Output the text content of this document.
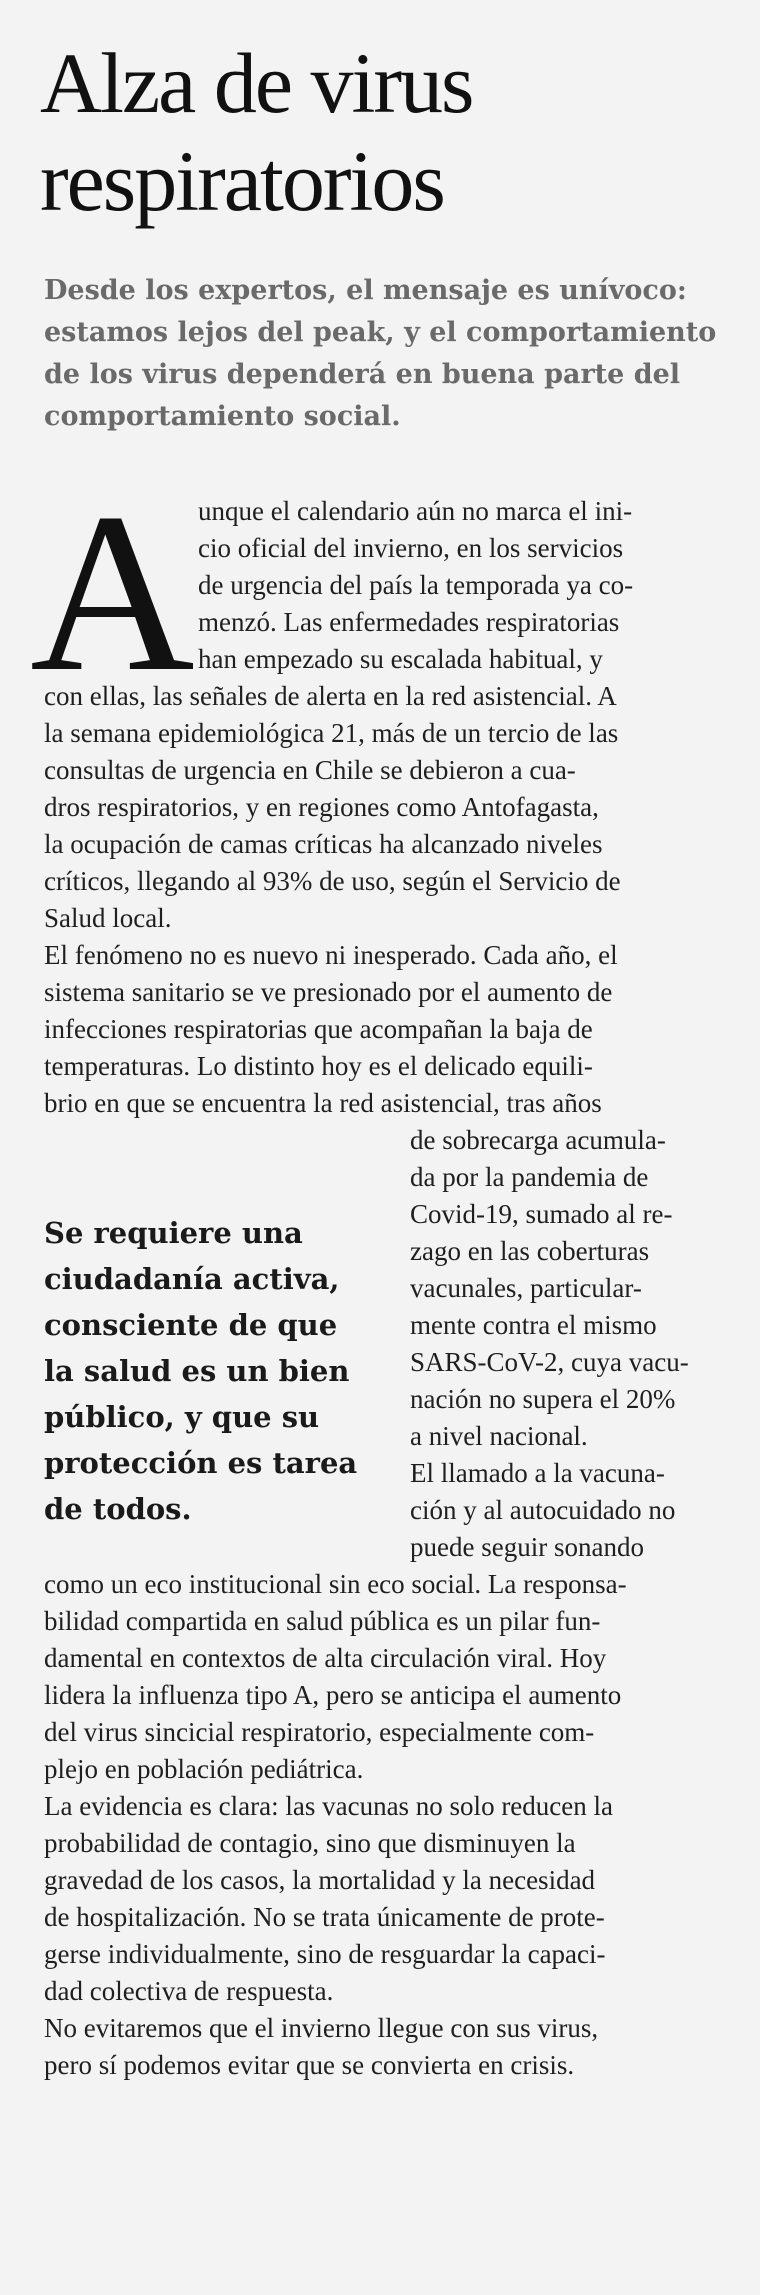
Alza de virus
respiratorios

Desde los expertos, el mensaje es unívoco:
estamos lejos del peak, y el comportamiento
de los virus dependerá en buena parte del
comportamiento social.

A unque el calendario aún no marca el ini-
cio oficial del invierno, en los servicios
de urgencia del país la temporada ya co-
menzó. Las enfermedades respiratorias
han empezado su escalada habitual, y

con ellas, las señales de alerta en la red asistencial. A
la semana epidemiológica 21, más de un tercio de las
consultas de urgencia en Chile se debieron a cua-
dros respiratorios, y en regiones como Antofagasta,
la ocupación de camas críticas ha alcanzado niveles
críticos, llegando al 93% de uso, según el Servicio de
Salud local.

El fenómeno no es nuevo ni inesperado. Cada año, el
sistema sanitario se ve presionado por el aumento de
infecciones respiratorias que acompañan la baja de
temperaturas. Lo distinto hoy es el delicado equili-
brio en que se encuentra la red asistencial, tras años

Se requiere una
ciudadanía activa,
consciente de que
la salud es un bien
público, y que su
protección es tarea
de todos.

de sobrecarga acumula-
da por la pandemia de
Covid-19, sumado al re-
zago en las coberturas
vacunales, particular-
mente contra el mismo
SARS-CoV-2, cuya vacu-
nación no supera el 20%
a nivel nacional.

El llamado a la vacuna-
ción y al autocuidado no
puede seguir sonando

como un eco institucional sin eco social. La responsa-
bilidad compartida en salud pública es un pilar fun-
damental en contextos de alta circulación viral. Hoy
lidera la influenza tipo A, pero se anticipa el aumento
del virus sincicial respiratorio, especialmente com-
plejo en población pediátrica.

La evidencia es clara: las vacunas no solo reducen la
probabilidad de contagio, sino que disminuyen la
gravedad de los casos, la mortalidad y la necesidad
de hospitalización. No se trata únicamente de prote-
gerse individualmente, sino de resguardar la capaci-
dad colectiva de respuesta.

No evitaremos que el invierno llegue con sus virus,
pero sí podemos evitar que se convierta en crisis.
